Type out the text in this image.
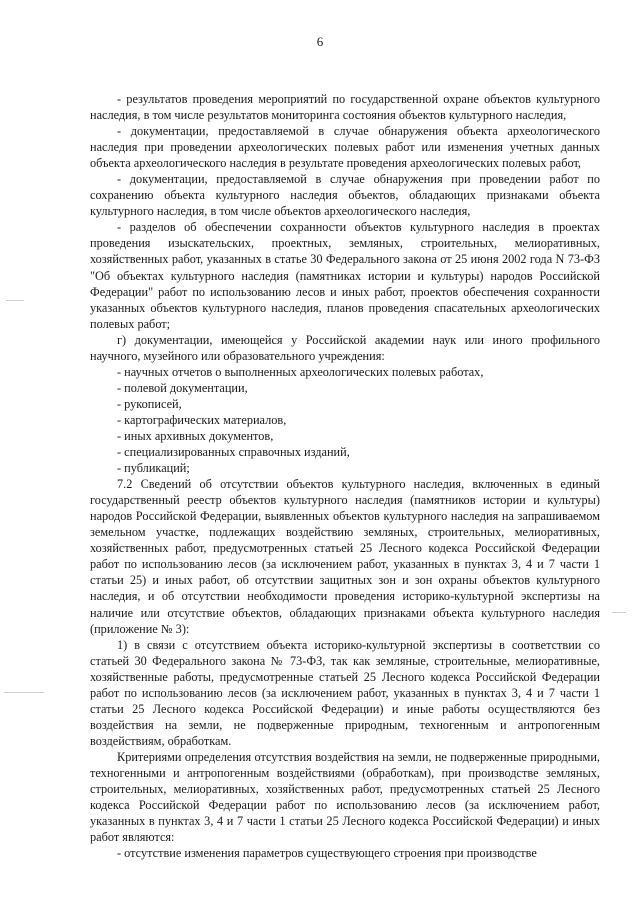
6

- результатов проведения мероприятий по государственной охране объектов культурного наследия, в том числе результатов мониторинга состояния объектов культурного наследия,

- документации, предоставляемой в случае обнаружения объекта археологического наследия при проведении археологических полевых работ или изменения учетных данных объекта археологического наследия в результате проведения археологических полевых работ,

- документации, предоставляемой в случае обнаружения при проведении работ по сохранению объекта культурного наследия объектов, обладающих признаками объекта культурного наследия, в том числе объектов археологического наследия,

- разделов об обеспечении сохранности объектов культурного наследия в проектах проведения изыскательских, проектных, земляных, строительных, мелиоративных, хозяйственных работ, указанных в статье 30 Федерального закона от 25 июня 2002 года N 73-ФЗ "Об объектах культурного наследия (памятниках истории и культуры) народов Российской Федерации" работ по использованию лесов и иных работ, проектов обеспечения сохранности указанных объектов культурного наследия, планов проведения спасательных археологических полевых работ;

г) документации, имеющейся у Российской академии наук или иного профильного научного, музейного или образовательного учреждения:

- научных отчетов о выполненных археологических полевых работах,

- полевой документации,

- рукописей,

- картографических материалов,

- иных архивных документов,

- специализированных справочных изданий,

- публикаций;

7.2 Сведений об отсутствии объектов культурного наследия, включенных в единый государственный реестр объектов культурного наследия (памятников истории и культуры) народов Российской Федерации, выявленных объектов культурного наследия на запрашиваемом земельном участке, подлежащих воздействию земляных, строительных, мелиоративных, хозяйственных работ, предусмотренных статьей 25 Лесного кодекса Российской Федерации работ по использованию лесов (за исключением работ, указанных в пунктах 3, 4 и 7 части 1 статьи 25) и иных работ, об отсутствии защитных зон и зон охраны объектов культурного наследия, и об отсутствии необходимости проведения историко-культурной экспертизы на наличие или отсутствие объектов, обладающих признаками объекта культурного наследия (приложение № 3):

1) в связи с отсутствием объекта историко-культурной экспертизы в соответствии со статьей 30 Федерального закона № 73-ФЗ, так как земляные, строительные, мелиоративные, хозяйственные работы, предусмотренные статьей 25 Лесного кодекса Российской Федерации работ по использованию лесов (за исключением работ, указанных в пунктах 3, 4 и 7 части 1 статьи 25 Лесного кодекса Российской Федерации) и иные работы осуществляются без воздействия на земли, не подверженные природным, техногенным и антропогенным воздействиям, обработкам.

Критериями определения отсутствия воздействия на земли, не подверженные природными, техногенными и антропогенным воздействиями (обработкам), при производстве земляных, строительных, мелиоративных, хозяйственных работ, предусмотренных статьей 25 Лесного кодекса Российской Федерации работ по использованию лесов (за исключением работ, указанных в пунктах 3, 4 и 7 части 1 статьи 25 Лесного кодекса Российской Федерации) и иных работ являются:

- отсутствие изменения параметров существующего строения при производстве
